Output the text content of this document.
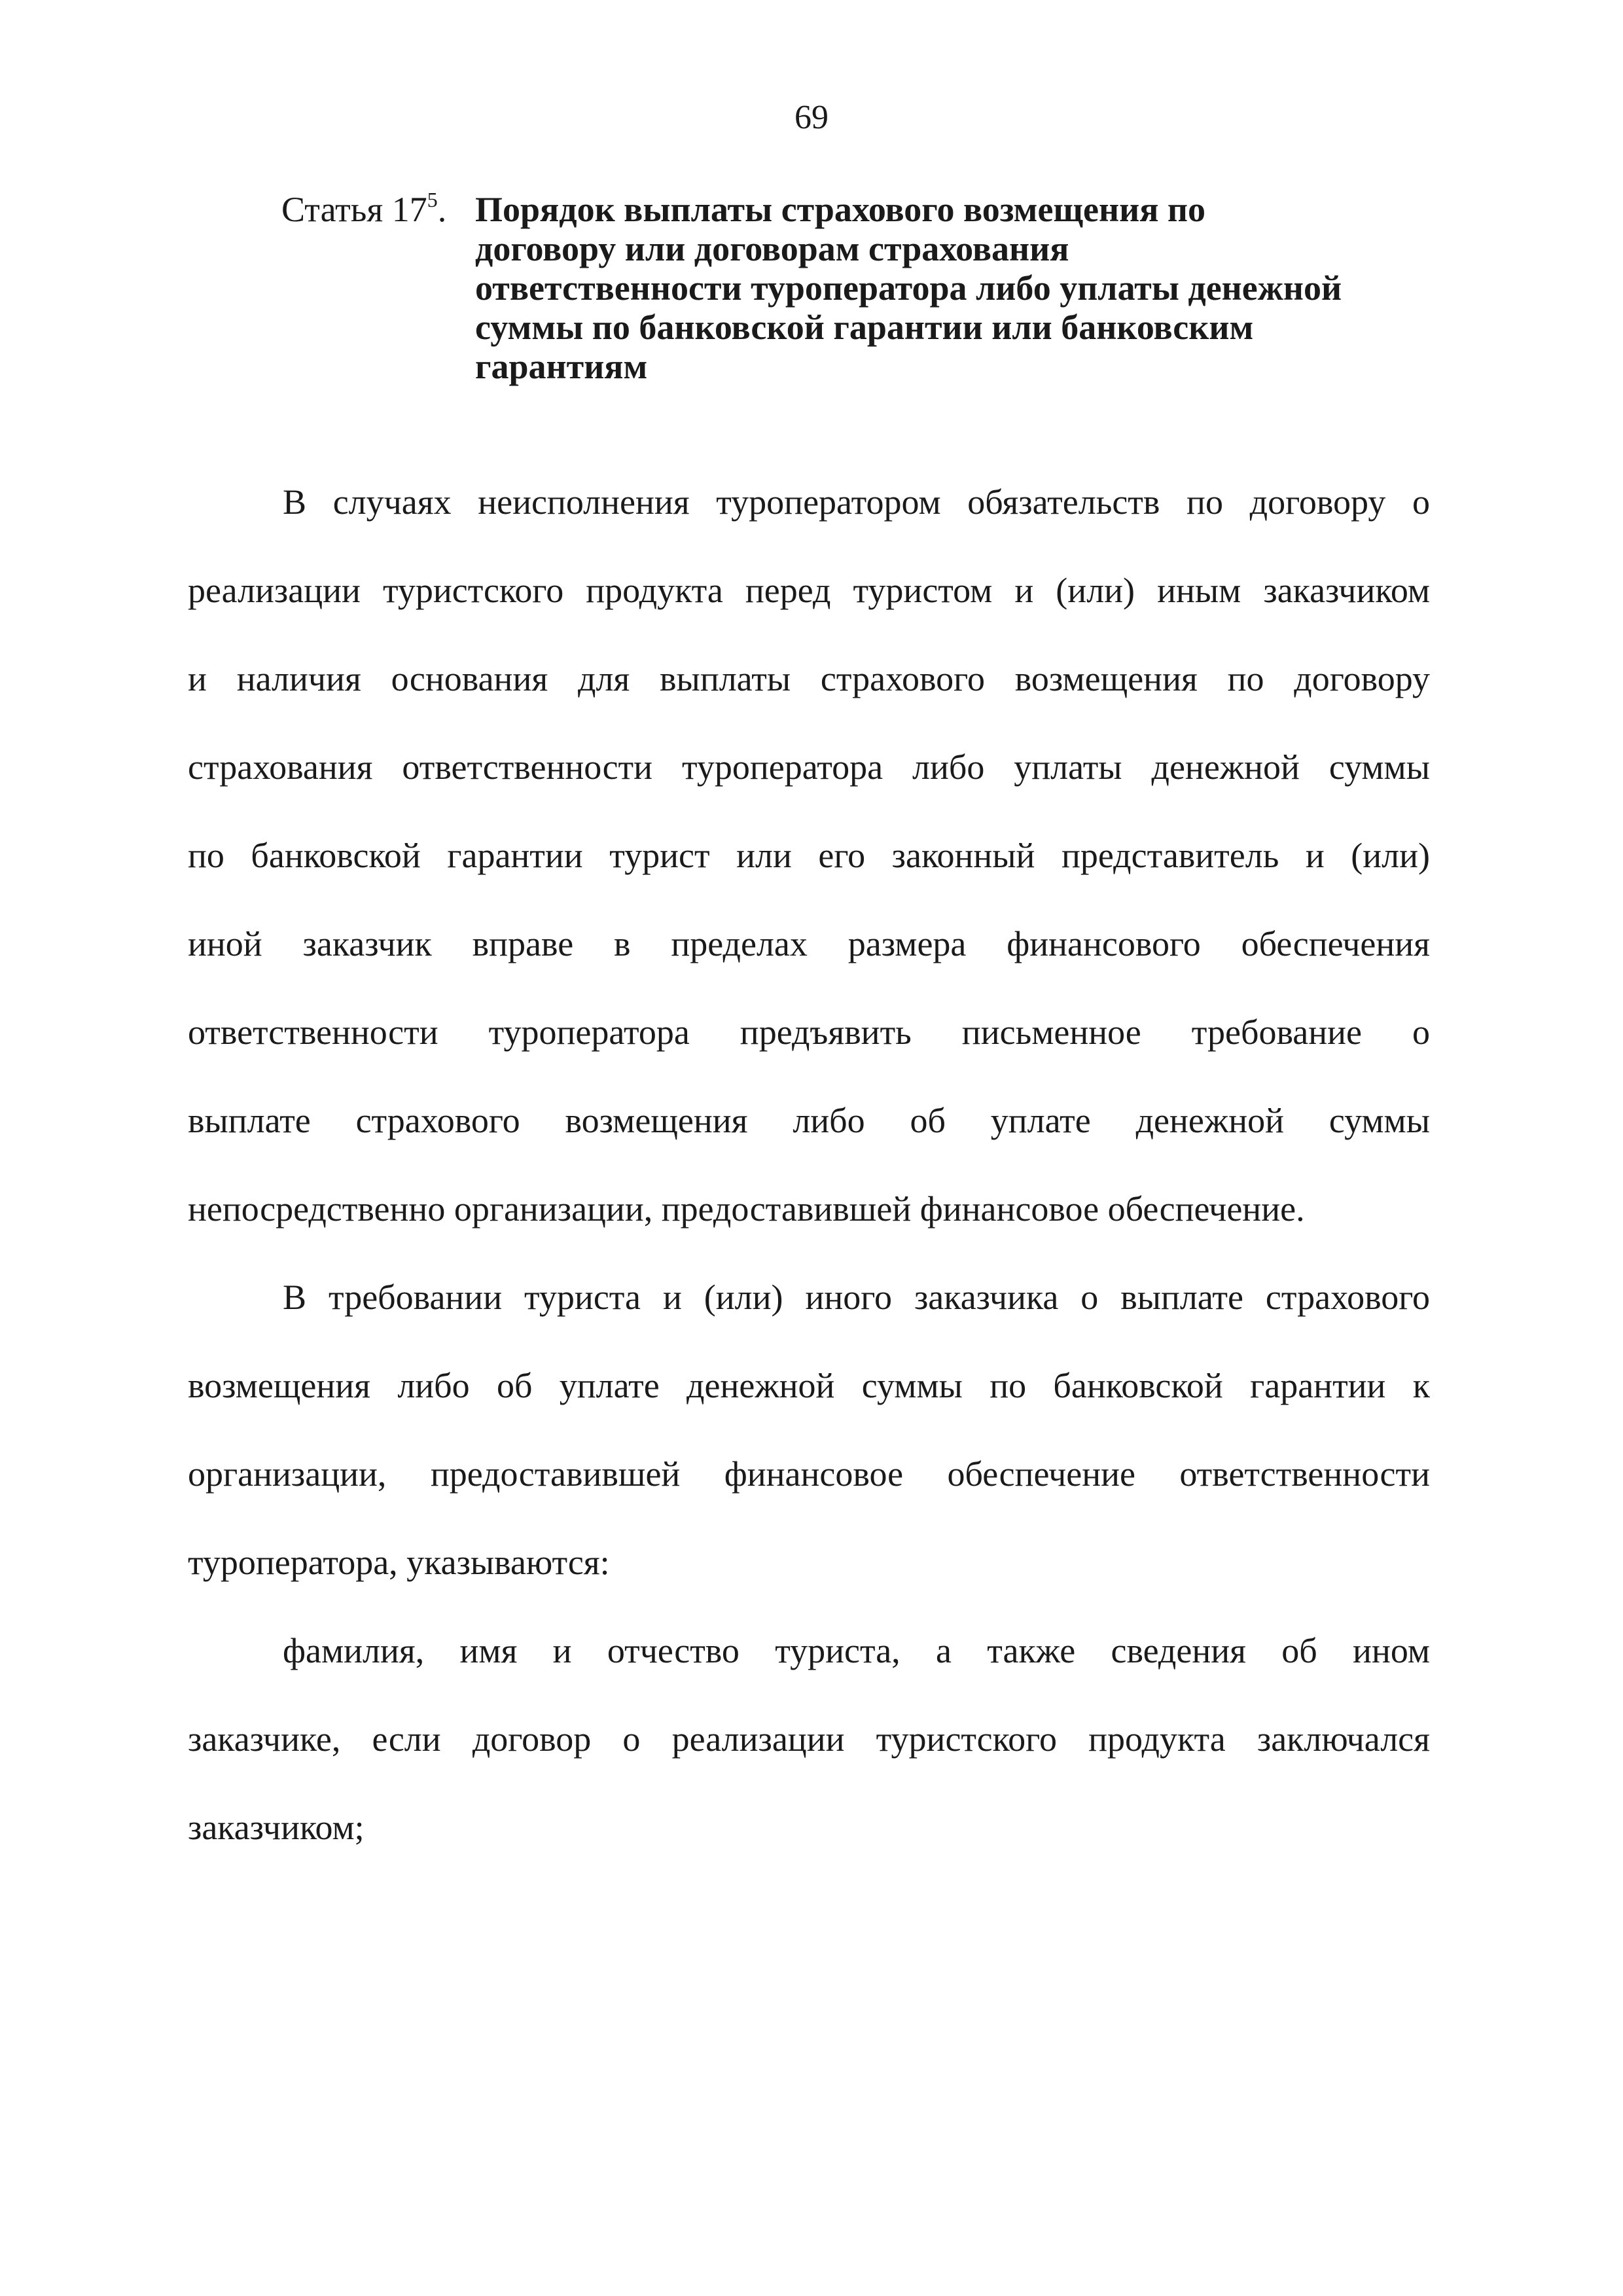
69
Статья $17^5$. Порядок выплаты страхового возмещения по
договору или договорам страхования
ответственности туроператора либо уплаты денежной
суммы по банковской гарантии или банковским
гарантиям
В случаях неисполнения туроператором обязательств по договору о
реализации туристского продукта перед туристом и (или) иным заказчиком
и наличия основания для выплаты страхового возмещения по договору
страхования ответственности туроператора либо уплаты денежной суммы
по банковской гарантии турист или его законный представитель и (или)
иной заказчик вправе в пределах размера финансового обеспечения
ответственности туроператора предъявить письменное требование о
выплате страхового возмещения либо об уплате денежной суммы
непосредственно организации, предоставившей финансовое обеспечение.
В требовании туриста и (или) иного заказчика о выплате страхового
возмещения либо об уплате денежной суммы по банковской гарантии к
организации, предоставившей финансовое обеспечение ответственности
туроператора, указываются:
фамилия, имя и отчество туриста, а также сведения об ином
заказчике, если договор о реализации туристского продукта заключался
заказчиком;
